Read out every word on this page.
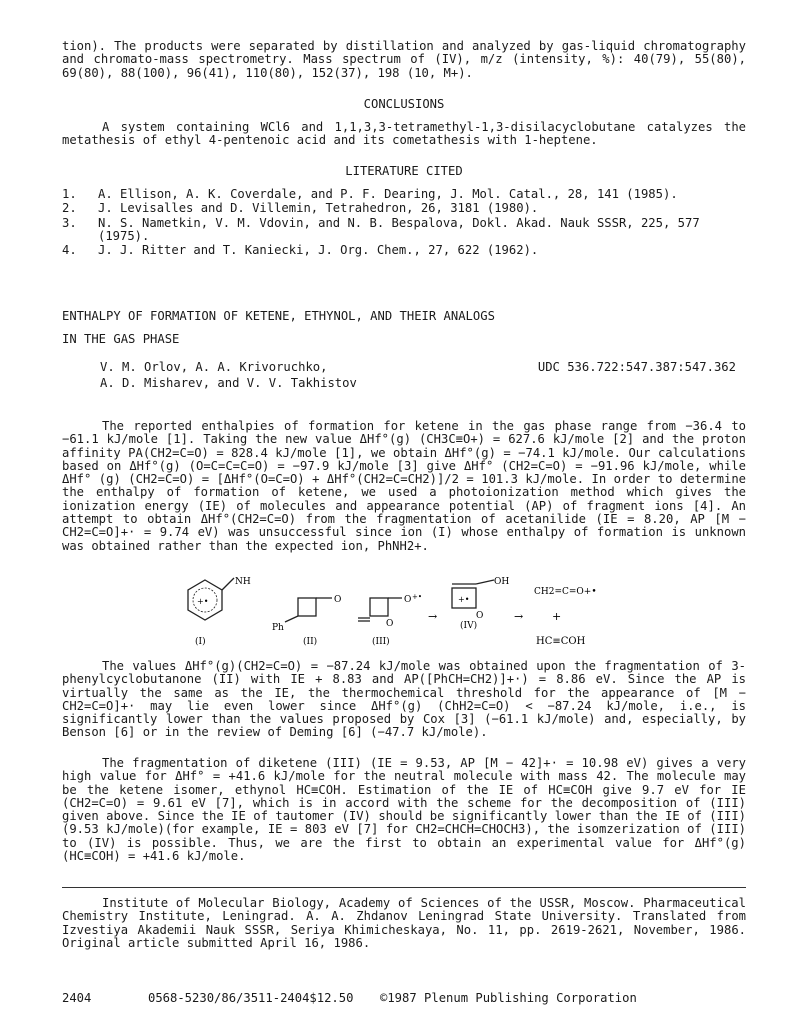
tion). The products were separated by distillation and analyzed by gas-liquid chromatography and chromato-mass spectrometry. Mass spectrum of (IV), m/z (intensity, %): 40(79), 55(80), 69(80), 88(100), 96(41), 110(80), 152(37), 198 (10, M+).

CONCLUSIONS

A system containing WCl6 and 1,1,3,3-tetramethyl-1,3-disilacyclobutane catalyzes the metathesis of ethyl 4-pentenoic acid and its cometathesis with 1-heptene.

LITERATURE CITED
1. A. Ellison, A. K. Coverdale, and P. F. Dearing, J. Mol. Catal., 28, 141 (1985).
2. J. Levisalles and D. Villemin, Tetrahedron, 26, 3181 (1980).
3. N. S. Nametkin, V. M. Vdovin, and N. B. Bespalova, Dokl. Akad. Nauk SSSR, 225, 577 (1975).
4. J. J. Ritter and T. Kaniecki, J. Org. Chem., 27, 622 (1962).
ENTHALPY OF FORMATION OF KETENE, ETHYNOL, AND THEIR ANALOGS
IN THE GAS PHASE
V. M. Orlov, A. A. Krivoruchko,
A. D. Misharev, and V. V. Takhistov
UDC 536.722:547.387:547.362

The reported enthalpies of formation for ketene in the gas phase range from −36.4 to −61.1 kJ/mole [1]. Taking the new value ΔHf°(g) (CH3C≡O+) = 627.6 kJ/mole [2] and the proton affinity PA(CH2=C=O) = 828.4 kJ/mole [1], we obtain ΔHf°(g) = −74.1 kJ/mole. Our calculations based on ΔHf°(g) (O=C=C=C=O) = −97.9 kJ/mole [3] give ΔHf° (CH2=C=O) = −91.96 kJ/mole, while ΔHf° (g) (CH2=C=O) = [ΔHf°(O=C=O) + ΔHf°(CH2=C=CH2)]/2 = 101.3 kJ/mole. In order to determine the enthalpy of formation of ketene, we used a photoionization method which gives the ionization energy (IE) of molecules and appearance potential (AP) of fragment ions [4]. An attempt to obtain ΔHf°(CH2=C=O) from the fragmentation of acetanilide (IE = 8.20, AP [M − CH2=C=O]+· = 9.74 eV) was unsuccessful since ion (I) whose enthalpy of formation is unknown was obtained rather than the expected ion, PhNH2+.

NH
+•
(I)
O
Ph
(II)
O +•
O
(III)
→
OH
+•
O
(IV)
→
CH2=C=O+•
+
HC≡COH

The values ΔHf°(g)(CH2=C=O) = −87.24 kJ/mole was obtained upon the fragmentation of 3-phenylcyclobutanone (II) with IE + 8.83 and AP([PhCH=CH2)]+·) = 8.86 eV. Since the AP is virtually the same as the IE, the thermochemical threshold for the appearance of [M − CH2=C=O]+· may lie even lower since ΔHf°(g) (ChH2=C=O) < −87.24 kJ/mole, i.e., is significantly lower than the values proposed by Cox [3] (−61.1 kJ/mole) and, especially, by Benson [6] or in the review of Deming [6] (−47.7 kJ/mole).

The fragmentation of diketene (III) (IE = 9.53, AP [M − 42]+· = 10.98 eV) gives a very high value for ΔHf° = +41.6 kJ/mole for the neutral molecule with mass 42. The molecule may be the ketene isomer, ethynol HC≡COH. Estimation of the IE of HC≡COH give 9.7 eV for IE (CH2=C=O) = 9.61 eV [7], which is in accord with the scheme for the decomposition of (III) given above. Since the IE of tautomer (IV) should be significantly lower than the IE of (III) (9.53 kJ/mole)(for example, IE = 803 eV [7] for CH2=CHCH=CHOCH3), the isomzerization of (III) to (IV) is possible. Thus, we are the first to obtain an experimental value for ΔHf°(g) (HC≡COH) = +41.6 kJ/mole.

Institute of Molecular Biology, Academy of Sciences of the USSR, Moscow. Pharmaceutical Chemistry Institute, Leningrad. A. A. Zhdanov Leningrad State University. Translated from Izvestiya Akademii Nauk SSSR, Seriya Khimicheskaya, No. 11, pp. 2619-2621, November, 1986. Original article submitted April 16, 1986.

2404	0568-5230/86/3511-2404$12.50 ©1987 Plenum Publishing Corporation
